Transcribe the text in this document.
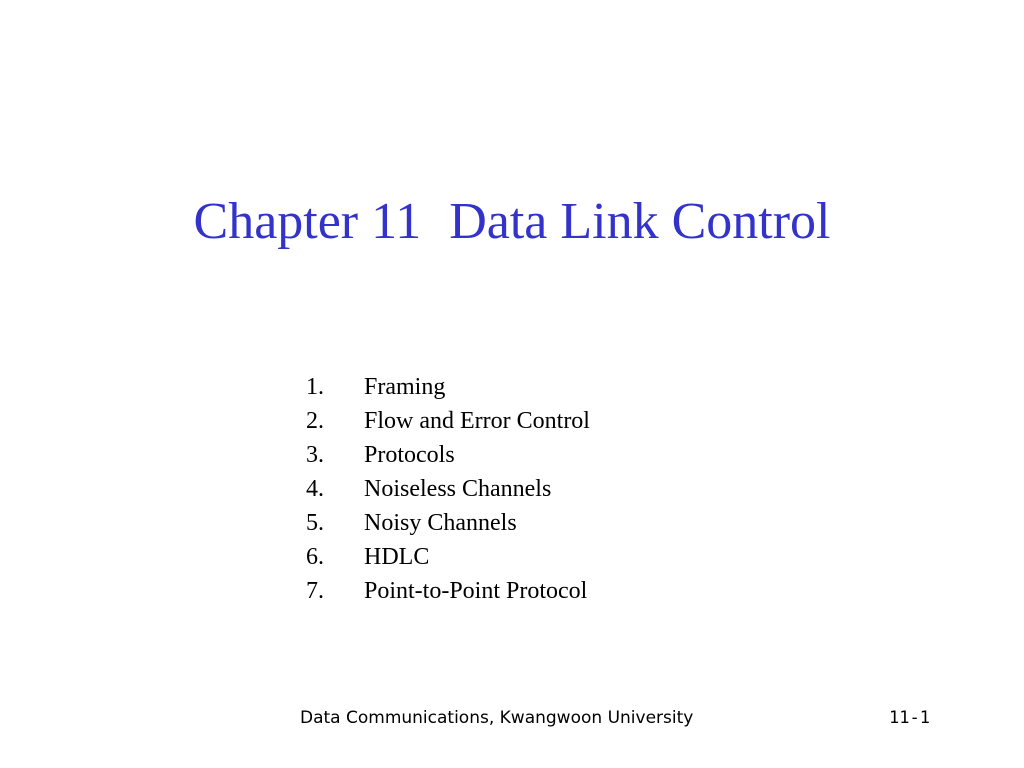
Chapter 11 Data Link Control
1.	Framing
2.	Flow and Error Control
3.	Protocols
4.	Noiseless Channels
5.	Noisy Channels
6.	HDLC
7.	Point-to-Point Protocol
Data Communications, Kwangwoon University	11-1
